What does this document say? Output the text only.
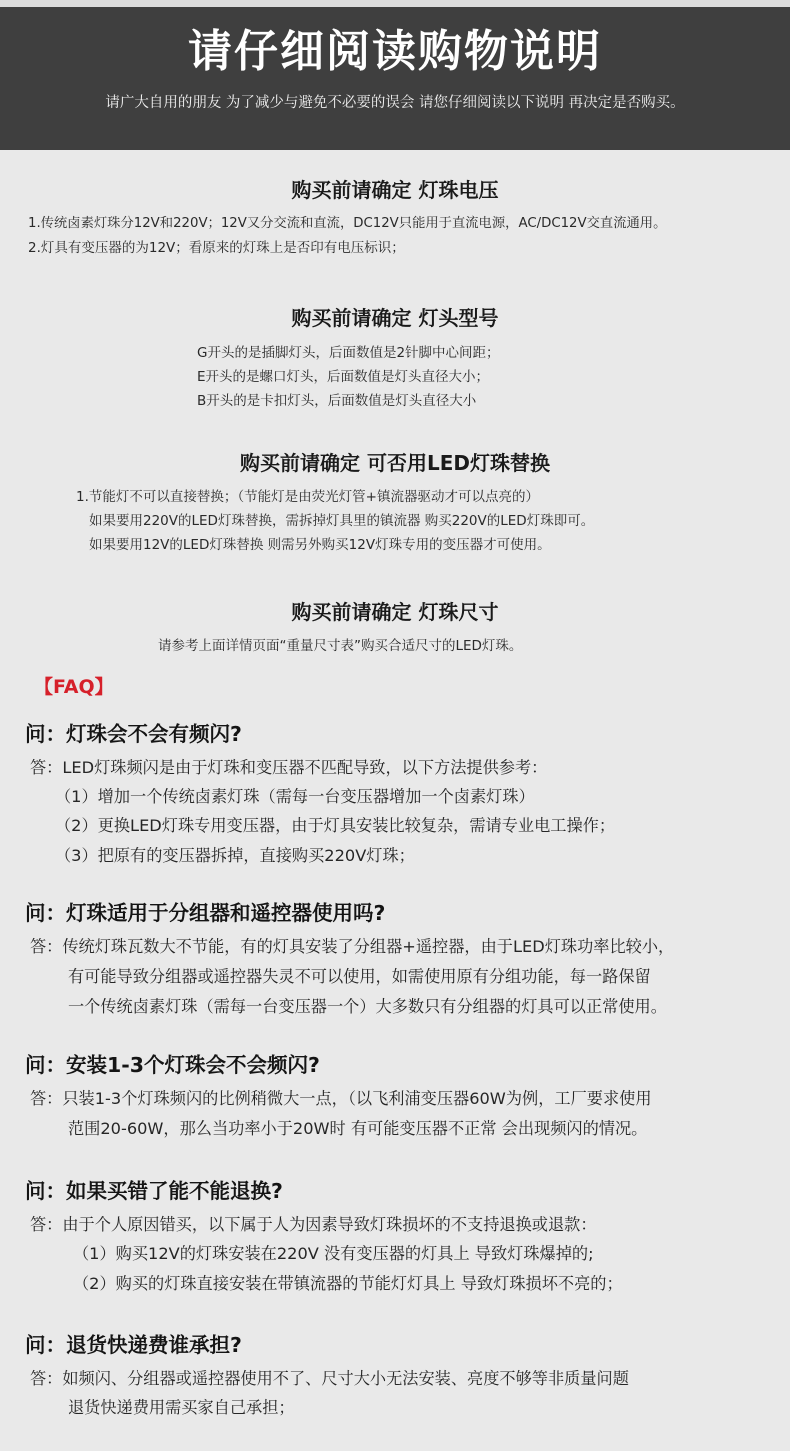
请仔细阅读购物说明
请广大自用的朋友 为了减少与避免不必要的误会 请您仔细阅读以下说明 再决定是否购买。
购买前请确定 灯珠电压
1.传统卤素灯珠分12V和220V；12V又分交流和直流，DC12V只能用于直流电源，AC/DC12V交直流通用。
2.灯具有变压器的为12V；看原来的灯珠上是否印有电压标识；
购买前请确定 灯头型号
G开头的是插脚灯头，后面数值是2针脚中心间距；
E开头的是螺口灯头，后面数值是灯头直径大小；
B开头的是卡扣灯头，后面数值是灯头直径大小
购买前请确定 可否用LED灯珠替换
1.节能灯不可以直接替换；（节能灯是由荧光灯管+镇流器驱动才可以点亮的）
如果要用220V的LED灯珠替换，需拆掉灯具里的镇流器 购买220V的LED灯珠即可。
如果要用12V的LED灯珠替换 则需另外购买12V灯珠专用的变压器才可使用。
购买前请确定 灯珠尺寸
请参考上面详情页面“重量尺寸表”购买合适尺寸的LED灯珠。
【FAQ】
问：灯珠会不会有频闪?
答：LED灯珠频闪是由于灯珠和变压器不匹配导致，以下方法提供参考：
（1）增加一个传统卤素灯珠（需每一台变压器增加一个卤素灯珠）
（2）更换LED灯珠专用变压器，由于灯具安装比较复杂，需请专业电工操作；
（3）把原有的变压器拆掉，直接购买220V灯珠；
问：灯珠适用于分组器和遥控器使用吗?
答：传统灯珠瓦数大不节能，有的灯具安装了分组器+遥控器，由于LED灯珠功率比较小，
有可能导致分组器或遥控器失灵不可以使用，如需使用原有分组功能，每一路保留
一个传统卤素灯珠（需每一台变压器一个）大多数只有分组器的灯具可以正常使用。
问：安装1-3个灯珠会不会频闪?
答：只装1-3个灯珠频闪的比例稍微大一点，（以飞利浦变压器60W为例，工厂要求使用
范围20-60W，那么当功率小于20W时 有可能变压器不正常 会出现频闪的情况。
问：如果买错了能不能退换?
答：由于个人原因错买，以下属于人为因素导致灯珠损坏的不支持退换或退款：
（1）购买12V的灯珠安装在220V 没有变压器的灯具上 导致灯珠爆掉的;
（2）购买的灯珠直接安装在带镇流器的节能灯灯具上 导致灯珠损坏不亮的；
问：退货快递费谁承担?
答：如频闪、分组器或遥控器使用不了、尺寸大小无法安装、亮度不够等非质量问题
退货快递费用需买家自己承担；
